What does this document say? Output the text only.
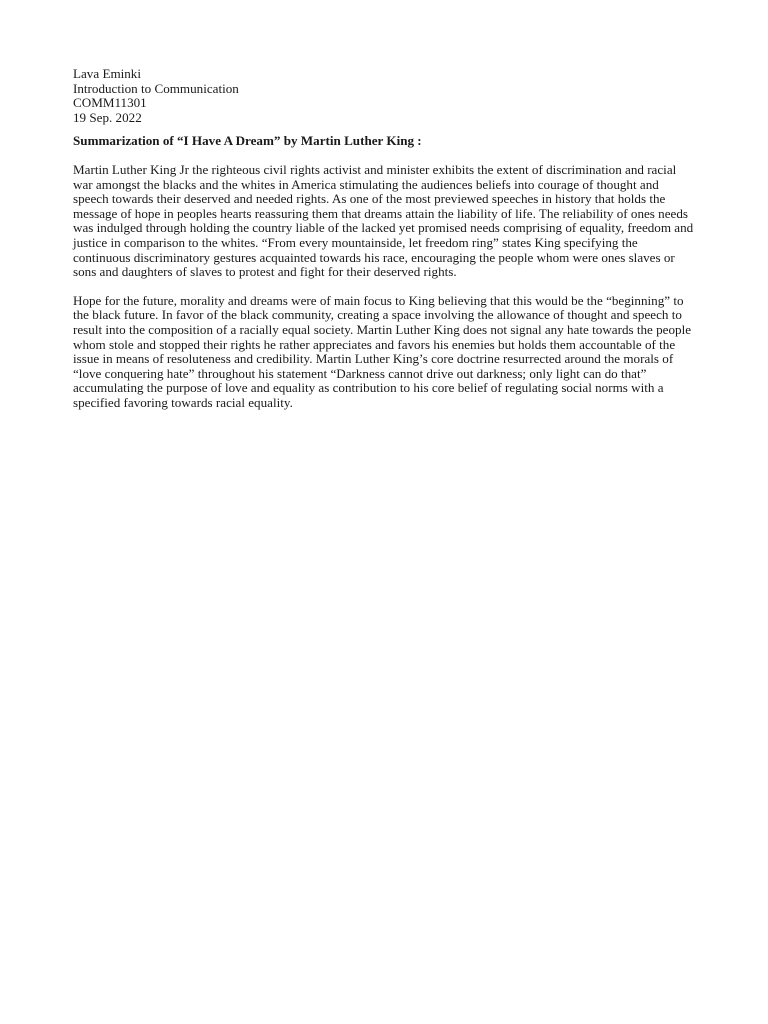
Lava Eminki
Introduction to Communication
COMM11301
19 Sep. 2022
Summarization of “I Have A Dream” by Martin Luther King :

Martin Luther King Jr the righteous civil rights activist and minister exhibits the extent of discrimination and racial war amongst the blacks and the whites in America stimulating the audiences beliefs into courage of thought and speech towards their deserved and needed rights. As one of the most previewed speeches in history that holds the message of hope in peoples hearts reassuring them that dreams attain the liability of life. The reliability of ones needs was indulged through holding the country liable of the lacked yet promised needs comprising of equality, freedom and justice in comparison to the whites. “From every mountainside, let freedom ring” states King specifying the continuous discriminatory gestures acquainted towards his race, encouraging the people whom were ones slaves or sons and daughters of slaves to protest and fight for their deserved rights.

Hope for the future, morality and dreams were of main focus to King believing that this would be the “beginning” to the black future. In favor of the black community, creating a space involving the allowance of thought and speech to result into the composition of a racially equal society. Martin Luther King does not signal any hate towards the people whom stole and stopped their rights he rather appreciates and favors his enemies but holds them accountable of the issue in means of resoluteness and credibility. Martin Luther King’s core doctrine resurrected around the morals of “love conquering hate” throughout his statement “Darkness cannot drive out darkness; only light can do that” accumulating the purpose of love and equality as contribution to his core belief of regulating social norms with a specified favoring towards racial equality.
